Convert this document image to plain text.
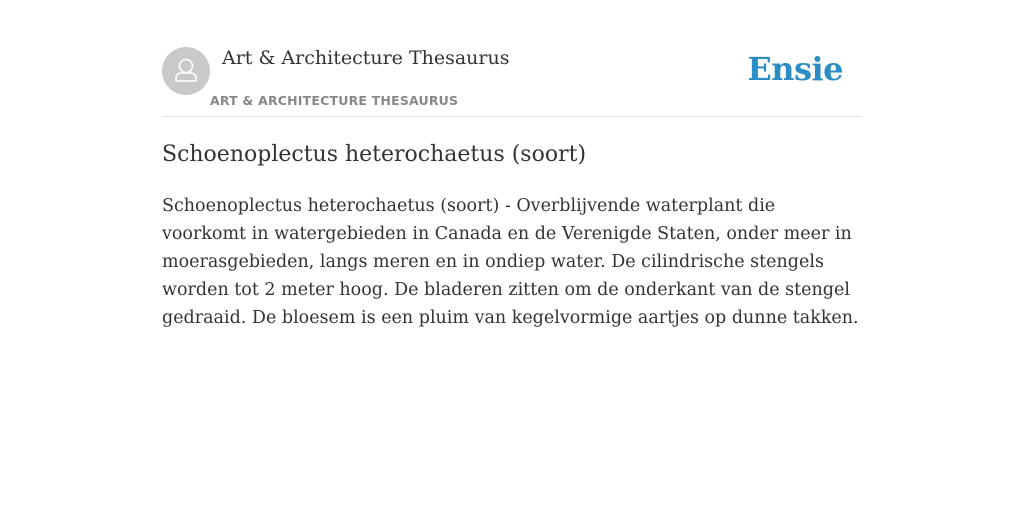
Art & Architecture Thesaurus
ART & ARCHITECTURE THESAURUS
Ensie
Schoenoplectus heterochaetus (soort)

Schoenoplectus heterochaetus (soort) - Overblijvende waterplant die voorkomt in watergebieden in Canada en de Verenigde Staten, onder meer in moerasgebieden, langs meren en in ondiep water. De cilindrische stengels worden tot 2 meter hoog. De bladeren zitten om de onderkant van de stengel gedraaid. De bloesem is een pluim van kegelvormige aartjes op dunne takken.
